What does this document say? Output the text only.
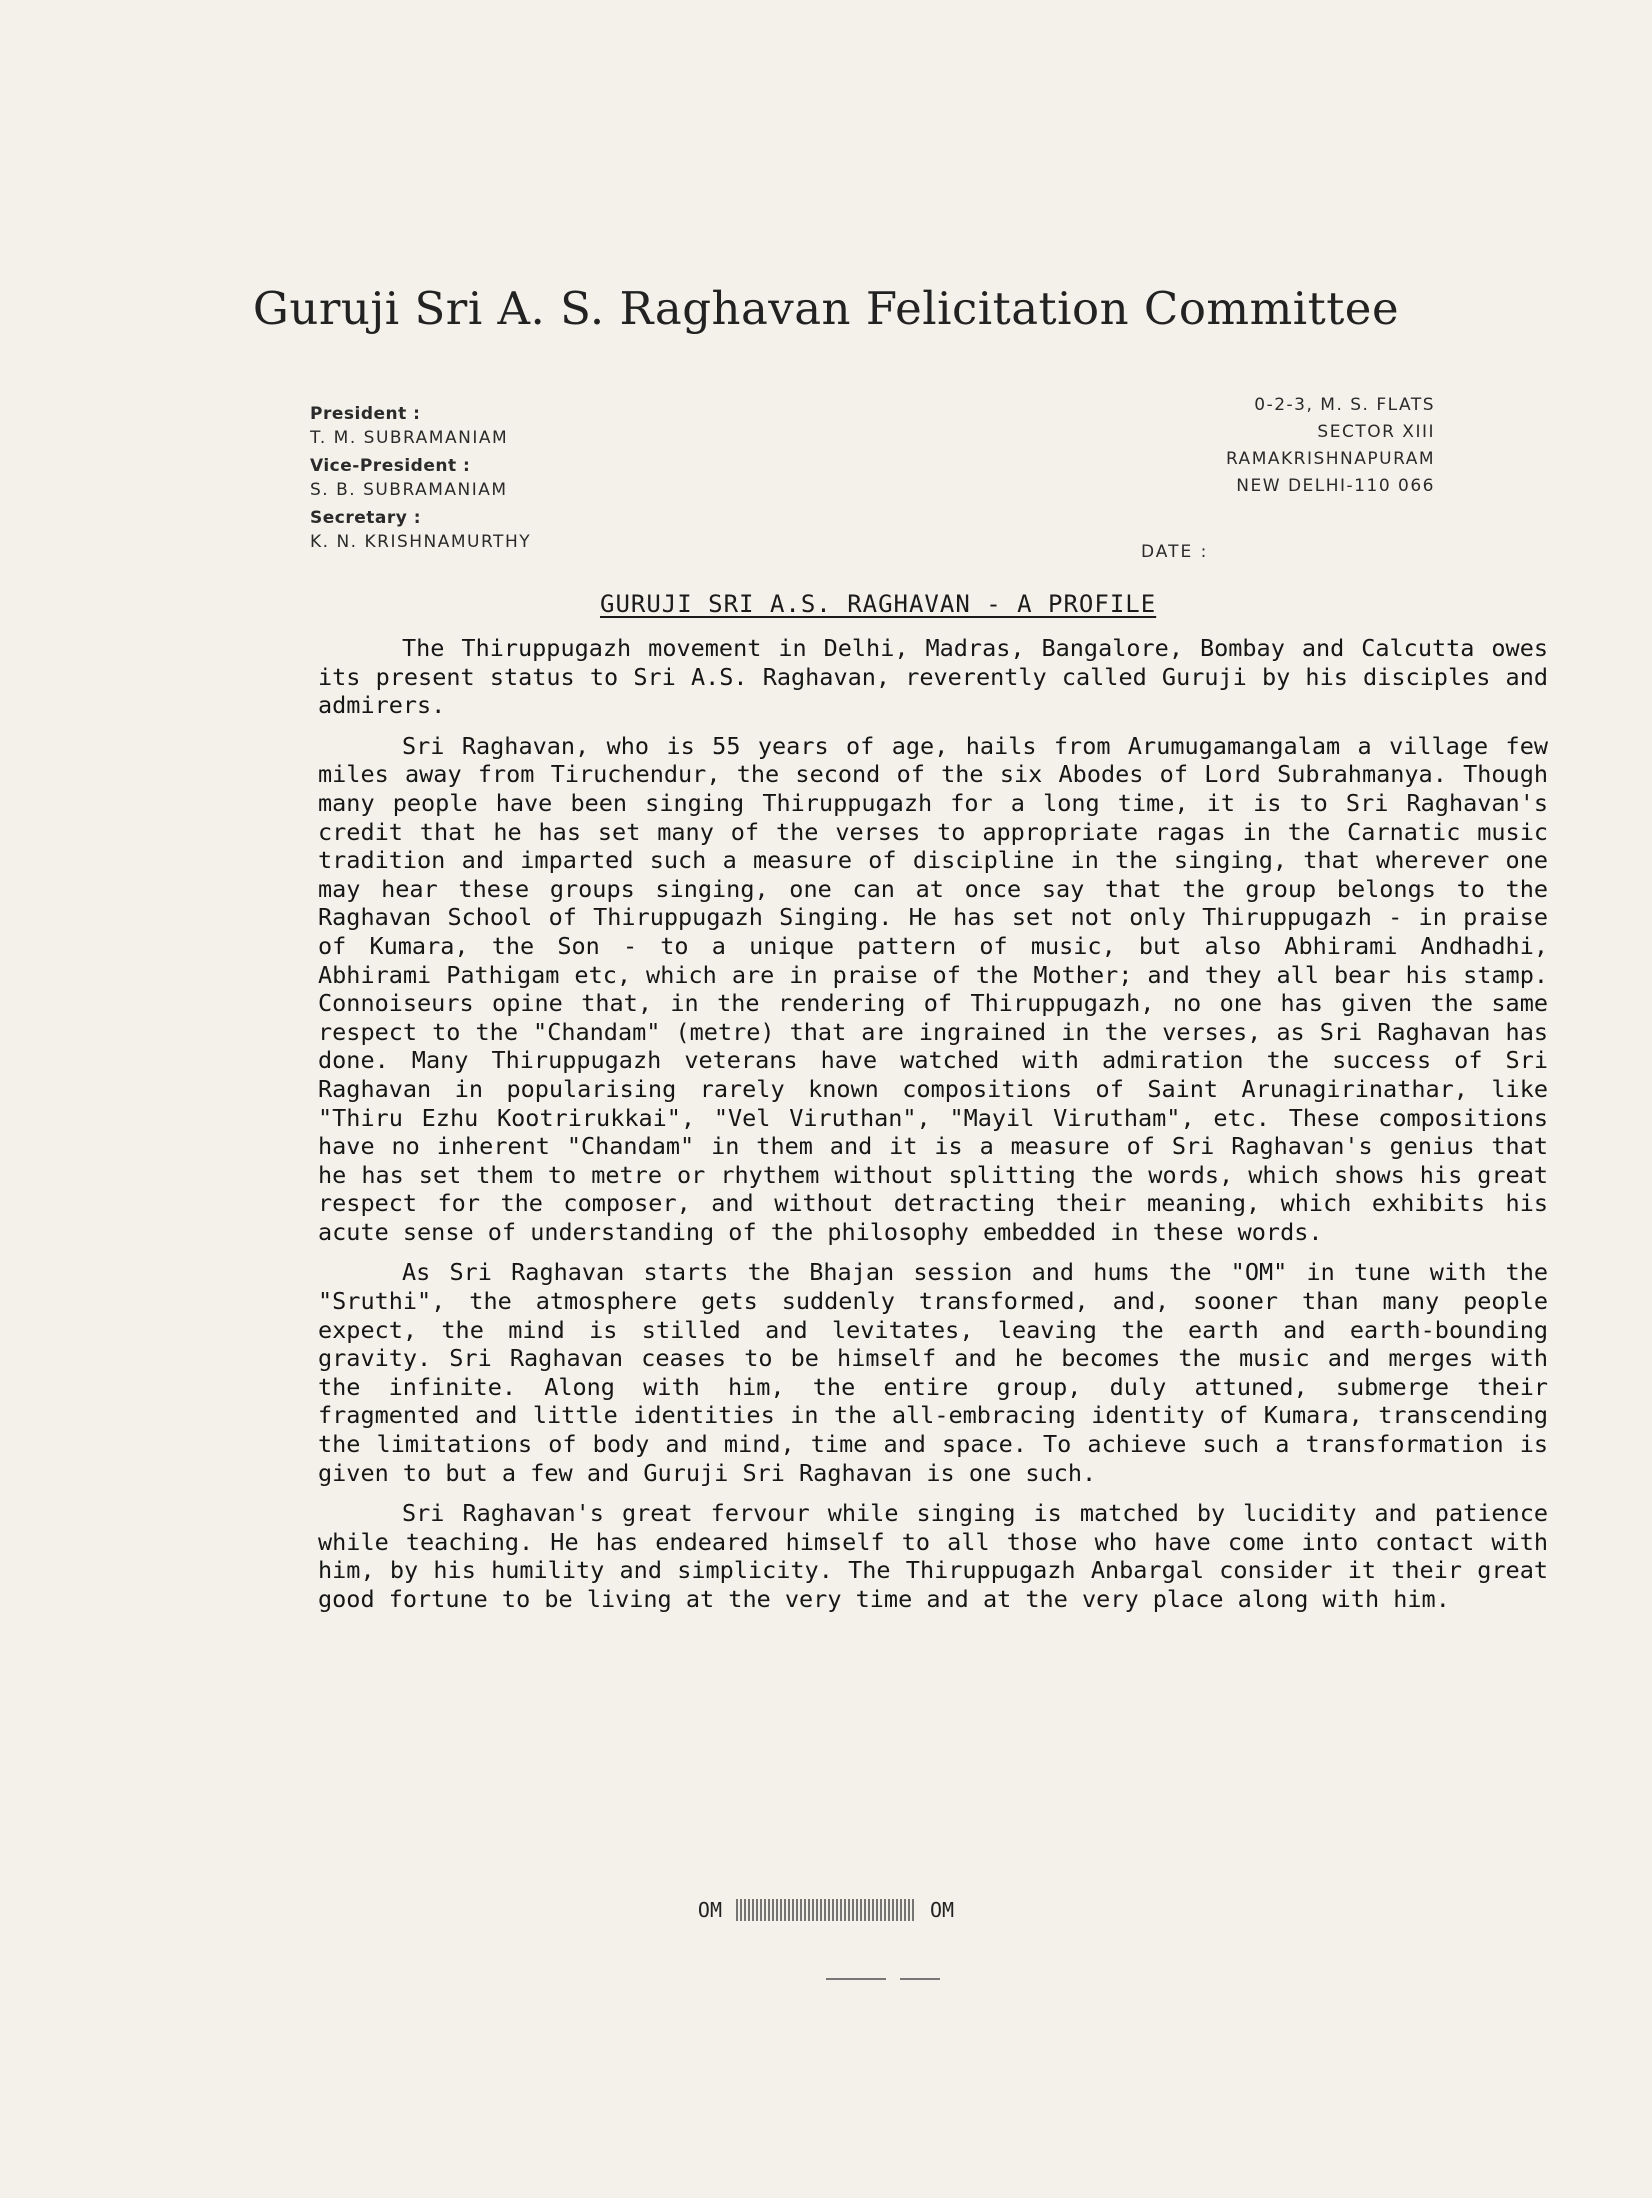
Guruji Sri A. S. Raghavan Felicitation Committee
President :
T. M. SUBRAMANIAM
Vice-President :
S. B. SUBRAMANIAM
Secretary :
K. N. KRISHNAMURTHY
0-2-3, M. S. FLATS
SECTOR XIII
RAMAKRISHNAPURAM
NEW DELHI-110 066
DATE :
GURUJI SRI A.S. RAGHAVAN - A PROFILE

The Thiruppugazh movement in Delhi, Madras, Bangalore, Bombay and Calcutta owes its present status to Sri A.S. Raghavan, reverently called Guruji by his disciples and admirers.

Sri Raghavan, who is 55 years of age, hails from Arumugamangalam a village few miles away from Tiruchendur, the second of the six Abodes of Lord Subrahmanya. Though many people have been singing Thiruppugazh for a long time, it is to Sri Raghavan's credit that he has set many of the verses to appropriate ragas in the Carnatic music tradition and imparted such a measure of discipline in the singing, that wherever one may hear these groups singing, one can at once say that the group belongs to the Raghavan School of Thiruppugazh Singing. He has set not only Thiruppugazh - in praise of Kumara, the Son - to a unique pattern of music, but also Abhirami Andhadhi, Abhirami Pathigam etc, which are in praise of the Mother; and they all bear his stamp. Connoiseurs opine that, in the rendering of Thiruppugazh, no one has given the same respect to the "Chandam" (metre) that are ingrained in the verses, as Sri Raghavan has done. Many Thiruppugazh veterans have watched with admiration the success of Sri Raghavan in popularising rarely known compositions of Saint Arunagirinathar, like "Thiru Ezhu Kootrirukkai", "Vel Viruthan", "Mayil Virutham", etc. These compositions have no inherent "Chandam" in them and it is a measure of Sri Raghavan's genius that he has set them to metre or rhythem without splitting the words, which shows his great respect for the composer, and without detracting their meaning, which exhibits his acute sense of understanding of the philosophy embedded in these words.

As Sri Raghavan starts the Bhajan session and hums the "OM" in tune with the "Sruthi", the atmosphere gets suddenly transformed, and, sooner than many people expect, the mind is stilled and levitates, leaving the earth and earth-bounding gravity. Sri Raghavan ceases to be himself and he becomes the music and merges with the infinite. Along with him, the entire group, duly attuned, submerge their fragmented and little identities in the all-embracing identity of Kumara, transcending the limitations of body and mind, time and space. To achieve such a transformation is given to but a few and Guruji Sri Raghavan is one such.

Sri Raghavan's great fervour while singing is matched by lucidity and patience while teaching. He has endeared himself to all those who have come into contact with him, by his humility and simplicity. The Thiruppugazh Anbargal consider it their great good fortune to be living at the very time and at the very place along with him.

OM	OM
